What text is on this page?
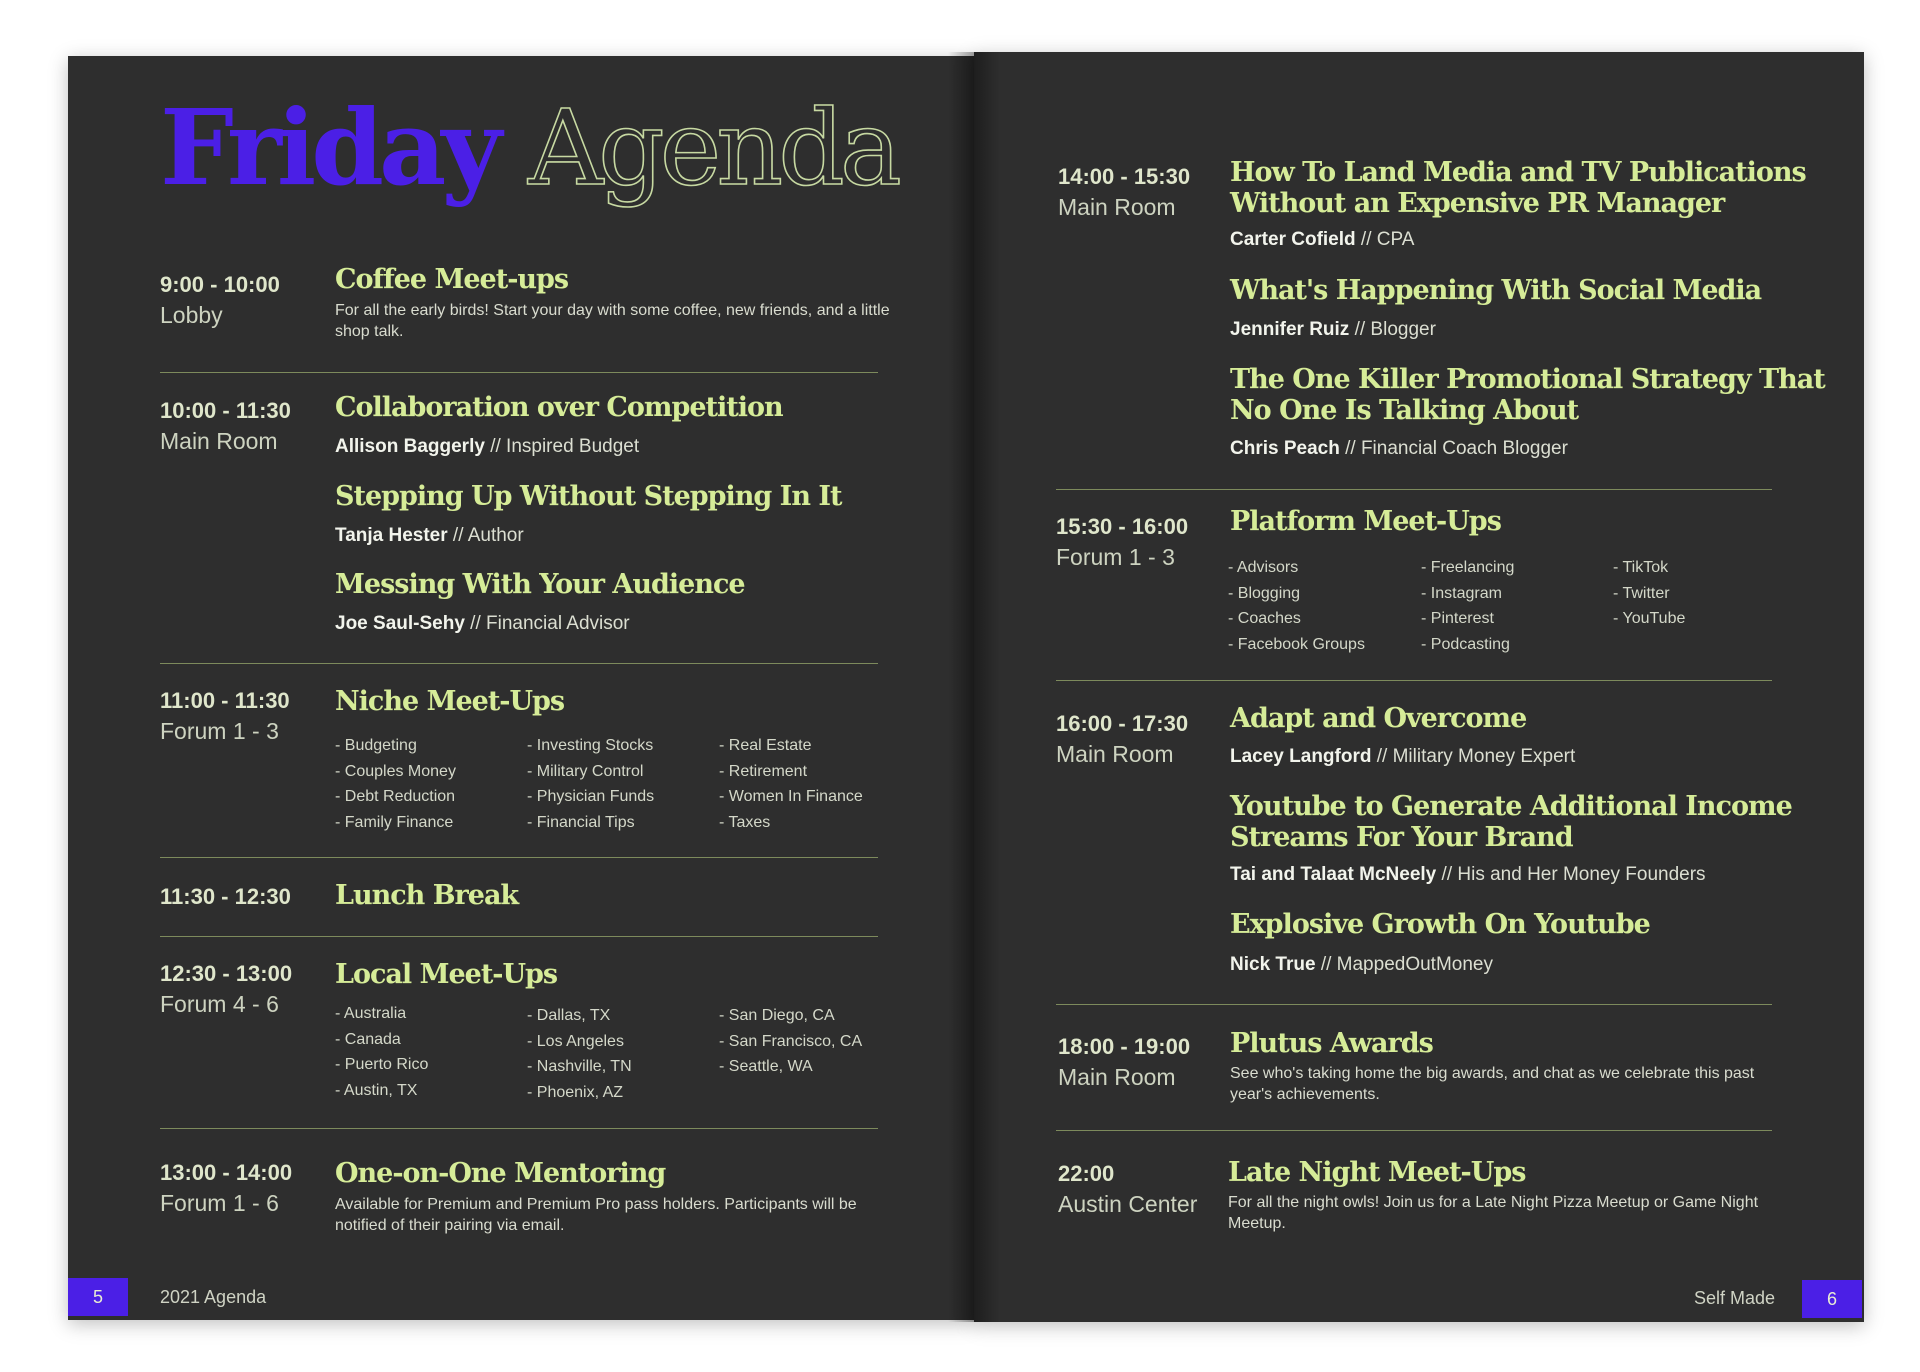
Friday Agenda
9:00 - 10:00
Lobby
Coffee Meet-ups
For all the early birds! Start your day with some coffee, new friends, and a little shop talk.
10:00 - 11:30
Main Room
Collaboration over Competition
Allison Baggerly // Inspired Budget
Stepping Up Without Stepping In It
Tanja Hester // Author
Messing With Your Audience
Joe Saul-Sehy // Financial Advisor
11:00 - 11:30
Forum 1 - 3
Niche Meet-Ups
- Budgeting
- Couples Money
- Debt Reduction
- Family Finance
- Investing Stocks
- Military Control
- Physician Funds
- Financial Tips
- Real Estate
- Retirement
- Women In Finance
- Taxes
11:30 - 12:30 Lunch Break
12:30 - 13:00
Forum 4 - 6
Local Meet-Ups
- Australia
- Canada
- Puerto Rico
- Austin, TX
- Dallas, TX
- Los Angeles
- Nashville, TN
- Phoenix, AZ
- San Diego, CA
- San Francisco, CA
- Seattle, WA
13:00 - 14:00
Forum 1 - 6
One-on-One Mentoring
Available for Premium and Premium Pro pass holders. Participants will be notified of their pairing via email.
5	2021 Agenda
14:00 - 15:30
Main Room
How To Land Media and TV Publications
Without an Expensive PR Manager
Carter Cofield // CPA
What's Happening With Social Media
Jennifer Ruiz // Blogger
The One Killer Promotional Strategy That
No One Is Talking About
Chris Peach // Financial Coach Blogger
15:30 - 16:00
Forum 1 - 3
Platform Meet-Ups
- Advisors
- Blogging
- Coaches
- Facebook Groups
- Freelancing
- Instagram
- Pinterest
- Podcasting
- TikTok
- Twitter
- YouTube
16:00 - 17:30
Main Room
Adapt and Overcome
Lacey Langford // Military Money Expert
Youtube to Generate Additional Income
Streams For Your Brand
Tai and Talaat McNeely // His and Her Money Founders
Explosive Growth On Youtube
Nick True // MappedOutMoney
18:00 - 19:00
Main Room
Plutus Awards
See who's taking home the big awards, and chat as we celebrate this past year's achievements.
22:00
Austin Center
Late Night Meet-Ups
For all the night owls! Join us for a Late Night Pizza Meetup or Game Night Meetup.
Self Made	6
